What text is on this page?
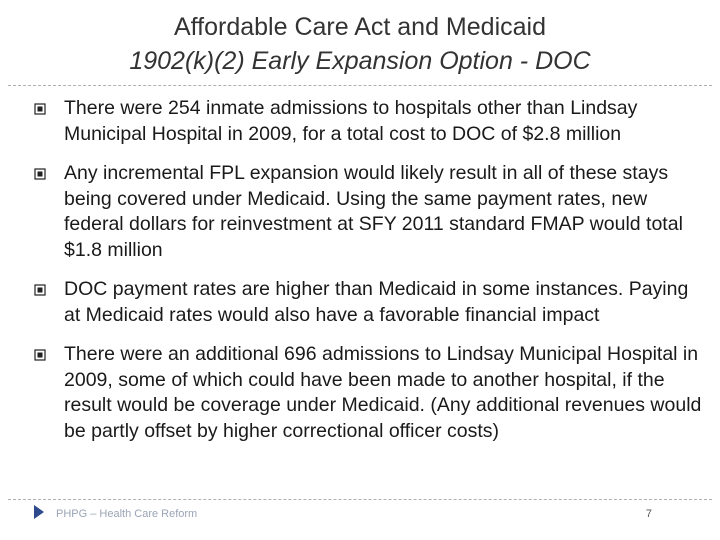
Affordable Care Act and Medicaid
1902(k)(2) Early Expansion Option - DOC
There were 254 inmate admissions to hospitals other than Lindsay Municipal Hospital in 2009, for a total cost to DOC of $2.8 million
Any incremental FPL expansion would likely result in all of these stays being covered under Medicaid. Using the same payment rates, new federal dollars for reinvestment at SFY 2011 standard FMAP would total $1.8 million
DOC payment rates are higher than Medicaid in some instances. Paying at Medicaid rates would also have a favorable financial impact
There were an additional 696 admissions to Lindsay Municipal Hospital in 2009, some of which could have been made to another hospital, if the result would be coverage under Medicaid. (Any additional revenues would be partly offset by higher correctional officer costs)
PHPG – Health Care Reform	7
